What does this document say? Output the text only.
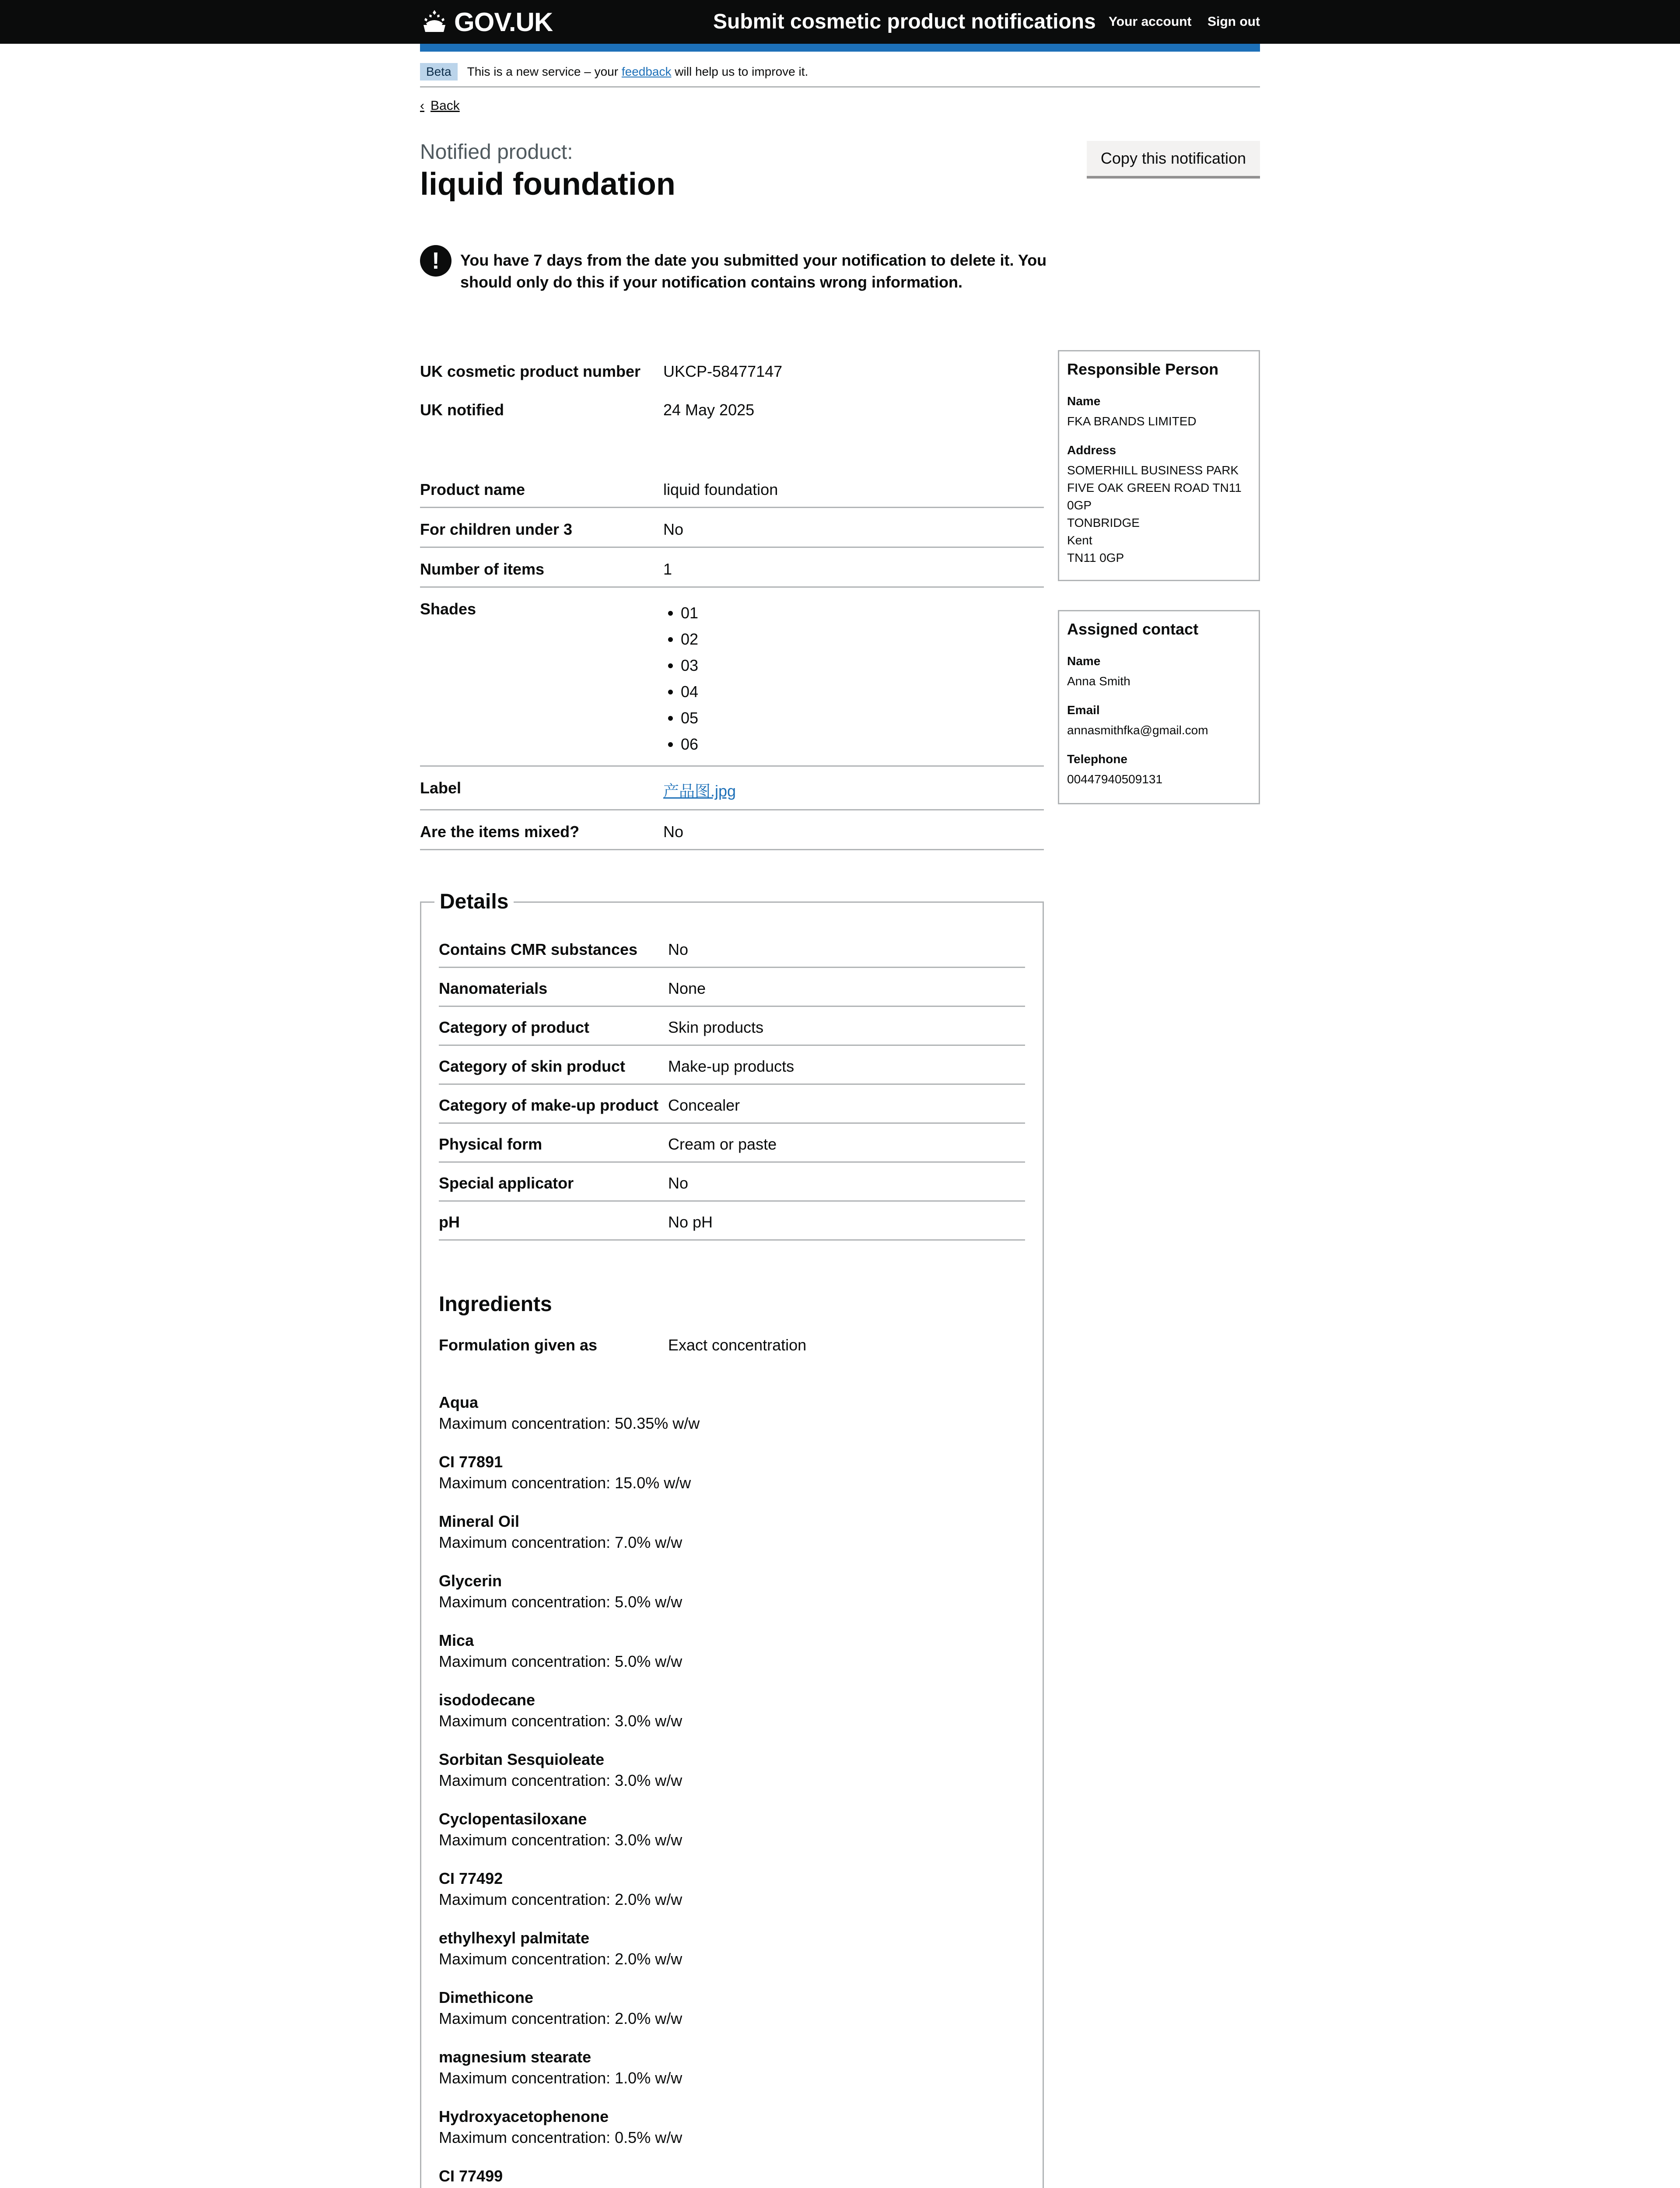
GOV.UK	Submit cosmetic product notifications Your account Sign out
Beta	This is a new service – your feedback will help us to improve it.
‹ Back
Notified product:
liquid foundation
Copy this notification
!	You have 7 days from the date you submitted your notification to delete it. You should only do this if your notification contains wrong information.
UK cosmetic product number	UKCP-58477147
UK notified	24 May 2025
Product name	liquid foundation
For children under 3	No
Number of items	1
Shades
•	01
• 02
• 03
• 04
• 05
• 06
Label	产品图.jpg
Are the items mixed?	No
Responsible Person
Name
FKA BRANDS LIMITED
Address
SOMERHILL BUSINESS PARK
FIVE OAK GREEN ROAD TN11
0GP
TONBRIDGE
Kent
TN11 0GP
Assigned contact
Name
Anna Smith
Email
annasmithfka@gmail.com
Telephone
00447940509131
Details
Contains CMR substances	No
Nanomaterials	None
Category of product	Skin products
Category of skin product	Make-up products
Category of make-up product Concealer
Physical form	Cream or paste
Special applicator	No
pH	No pH
Ingredients
Formulation given as	Exact concentration
Aqua
Maximum concentration: 50.35% w/w
CI 77891
Maximum concentration: 15.0% w/w
Mineral Oil
Maximum concentration: 7.0% w/w
Glycerin
Maximum concentration: 5.0% w/w
Mica
Maximum concentration: 5.0% w/w
isododecane
Maximum concentration: 3.0% w/w
Sorbitan Sesquioleate
Maximum concentration: 3.0% w/w
Cyclopentasiloxane
Maximum concentration: 3.0% w/w
CI 77492
Maximum concentration: 2.0% w/w
ethylhexyl palmitate
Maximum concentration: 2.0% w/w
Dimethicone
Maximum concentration: 2.0% w/w
magnesium stearate
Maximum concentration: 1.0% w/w
Hydroxyacetophenone
Maximum concentration: 0.5% w/w
CI 77499
